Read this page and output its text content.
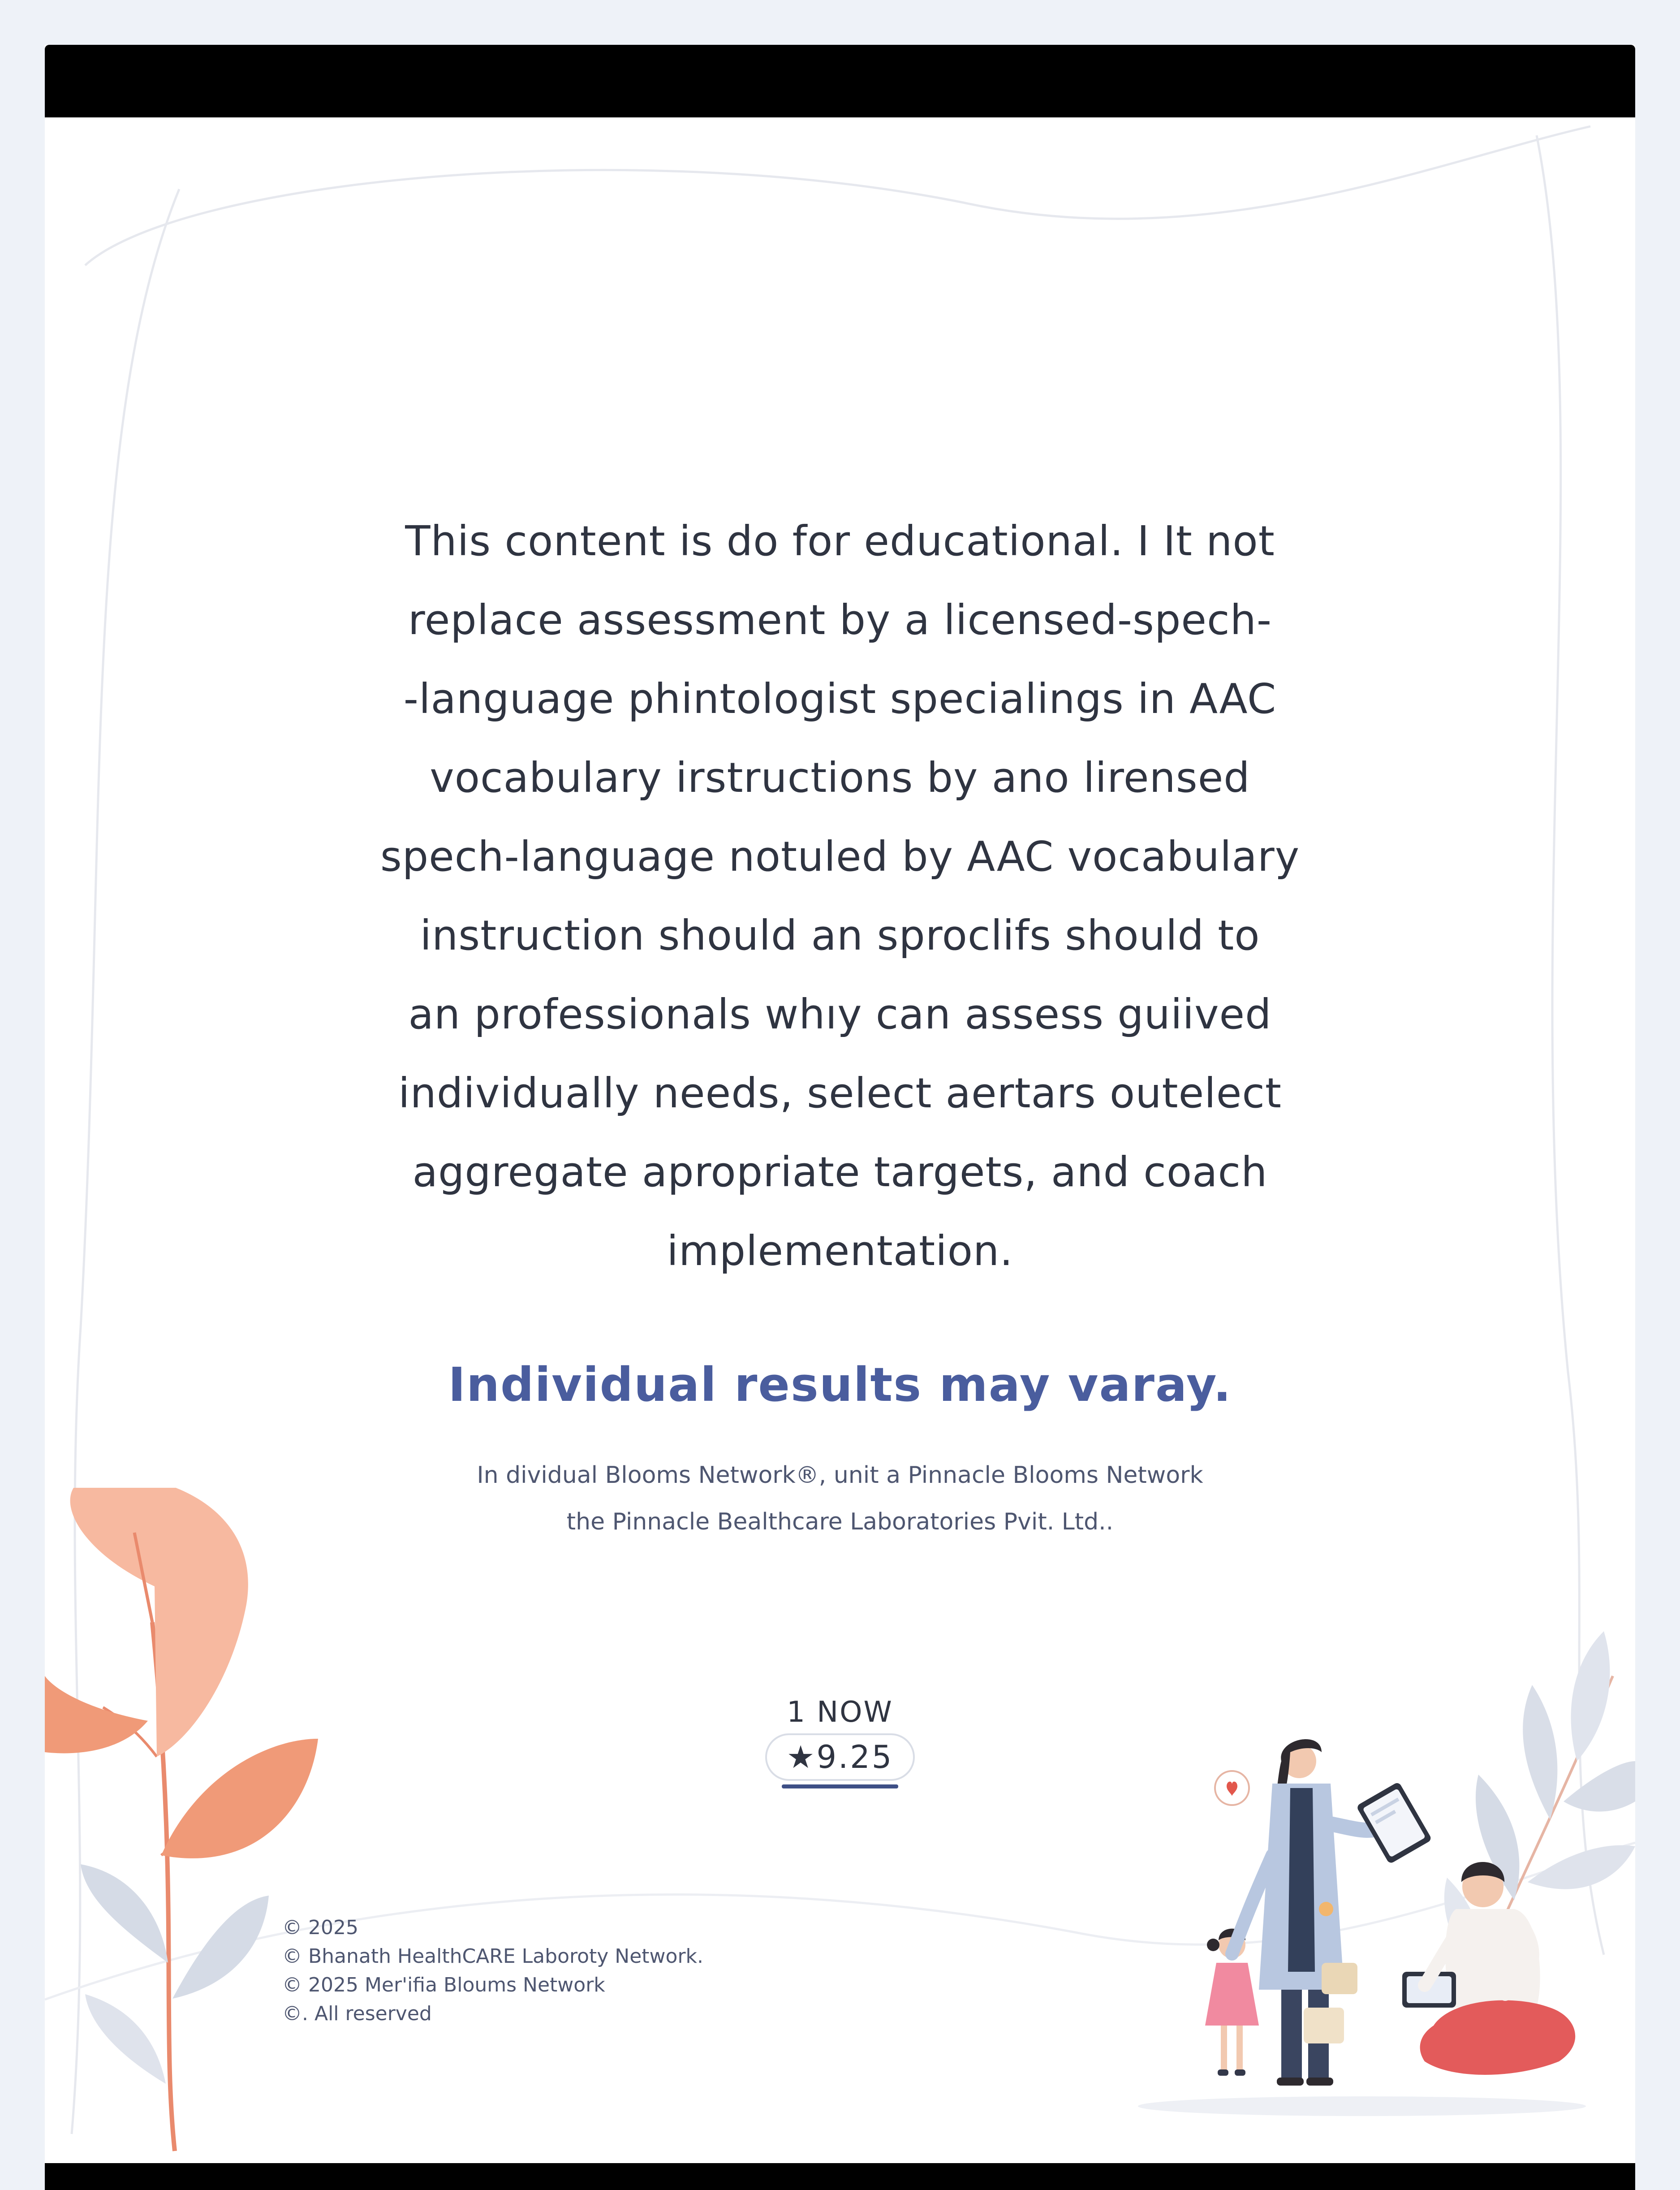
This content is do for educational. I It not
replace assessment by a licensed-spech-
-language phintologist specialings in AAC
vocabulary irstructions by ano lirensed
spech-language notuled by AAC vocabulary
instruction should an sproclifs should to
an professionals whıy can assess guiived
individually needs, select aertars outelect
aggregate apropriate targets, and coach
implementation.

Individual results may varay.
In dividual Blooms Network®, unit a Pinnacle Blooms Network
the Pinnacle Bealthcare Laboratories Pvit. Ltd..
1 NOW
★9.25
© 2025
© Bhanath HealthCARE Laboroty Network.
© 2025 Mer'ifia Bloums Network
©. All reserved
